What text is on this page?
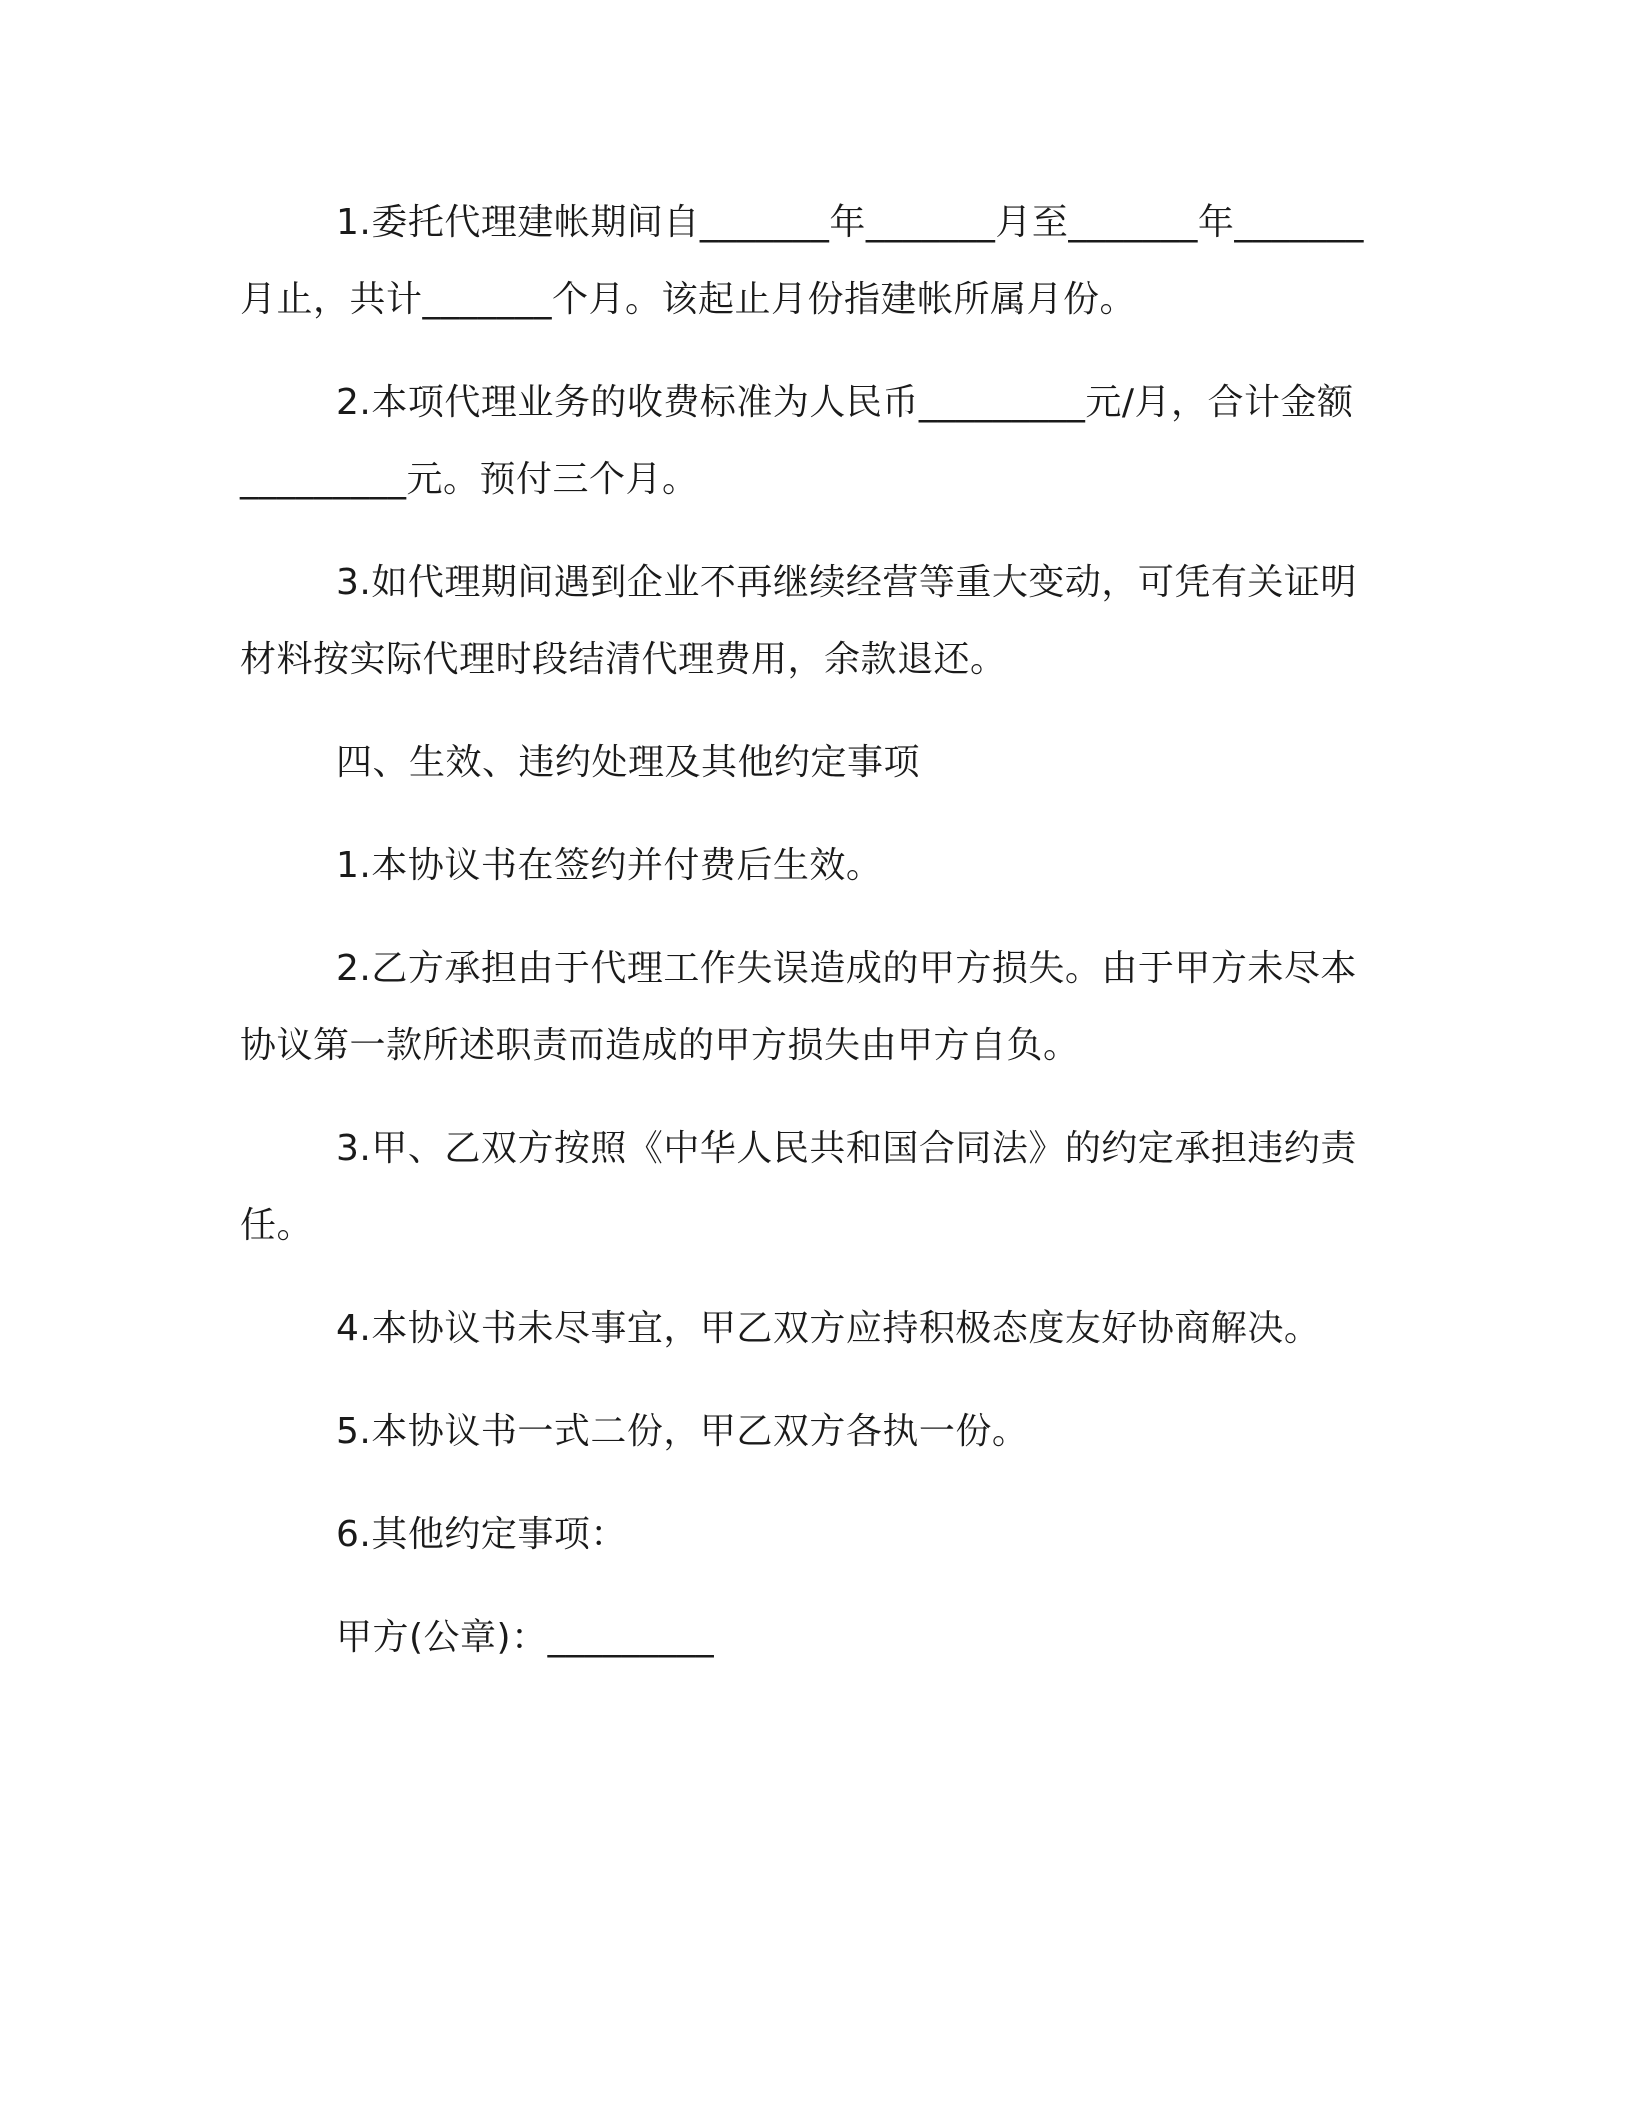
1.委托代理建帐期间自_______年_______月至_______年_______月止，共计_______个月。该起止月份指建帐所属月份。

2.本项代理业务的收费标准为人民币_________元/月，合计金额_________元。预付三个月。

3.如代理期间遇到企业不再继续经营等重大变动，可凭有关证明材料按实际代理时段结清代理费用，余款退还。

四、生效、违约处理及其他约定事项

1.本协议书在签约并付费后生效。

2.乙方承担由于代理工作失误造成的甲方损失。由于甲方未尽本协议第一款所述职责而造成的甲方损失由甲方自负。

3.甲、乙双方按照《中华人民共和国合同法》的约定承担违约责任。

4.本协议书未尽事宜，甲乙双方应持积极态度友好协商解决。

5.本协议书一式二份，甲乙双方各执一份。

6.其他约定事项：

甲方(公章)：_________
